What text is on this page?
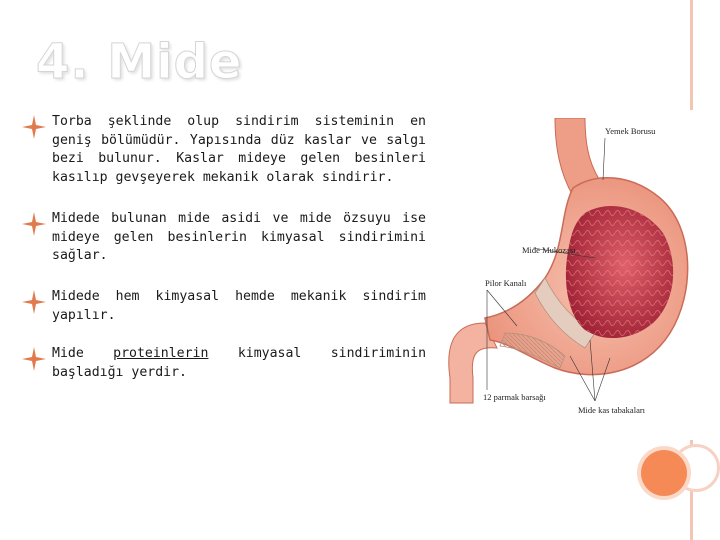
4. Mide
Torba şeklinde olup sindirim sisteminin en geniş bölümüdür. Yapısında düz kaslar ve salgı bezi bulunur. Kaslar mideye gelen besinleri kasılıp gevşeyerek mekanik olarak sindirir.
Midede bulunan mide asidi ve mide özsuyu ise mideye gelen besinlerin kimyasal sindirimini sağlar.
Midede hem kimyasal hemde mekanik sindirim yapılır.
Mide proteinlerin kimyasal sindiriminin başladığı yerdir.
Yemek Borusu
Mide Mukozası
Pilor Kanalı
12 parmak barsağı
Mide kas tabakaları
